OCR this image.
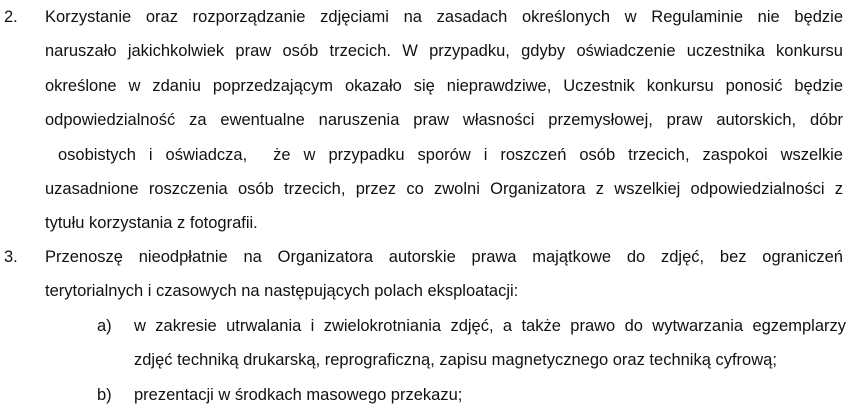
2. Korzystanie oraz rozporządzanie zdjęciami na zasadach określonych w Regulaminie nie będzie
naruszało jakichkolwiek praw osób trzecich. W przypadku, gdyby oświadczenie uczestnika konkursu
określone w zdaniu poprzedzającym okazało się nieprawdziwe, Uczestnik konkursu ponosić będzie
odpowiedzialność za ewentualne naruszenia praw własności przemysłowej, praw autorskich, dóbr
osobistych i oświadcza,  że w przypadku sporów i roszczeń osób trzecich, zaspokoi wszelkie
uzasadnione roszczenia osób trzecich, przez co zwolni Organizatora z wszelkiej odpowiedzialności z
tytułu korzystania z fotografii.
3. Przenoszę nieodpłatnie na Organizatora autorskie prawa majątkowe do zdjęć, bez ograniczeń
terytorialnych i czasowych na następujących polach eksploatacji:
a) w zakresie utrwalania i zwielokrotniania zdjęć, a także prawo do wytwarzania egzemplarzy
zdjęć techniką drukarską, reprograficzną, zapisu magnetycznego oraz techniką cyfrową;
b) prezentacji w środkach masowego przekazu;
